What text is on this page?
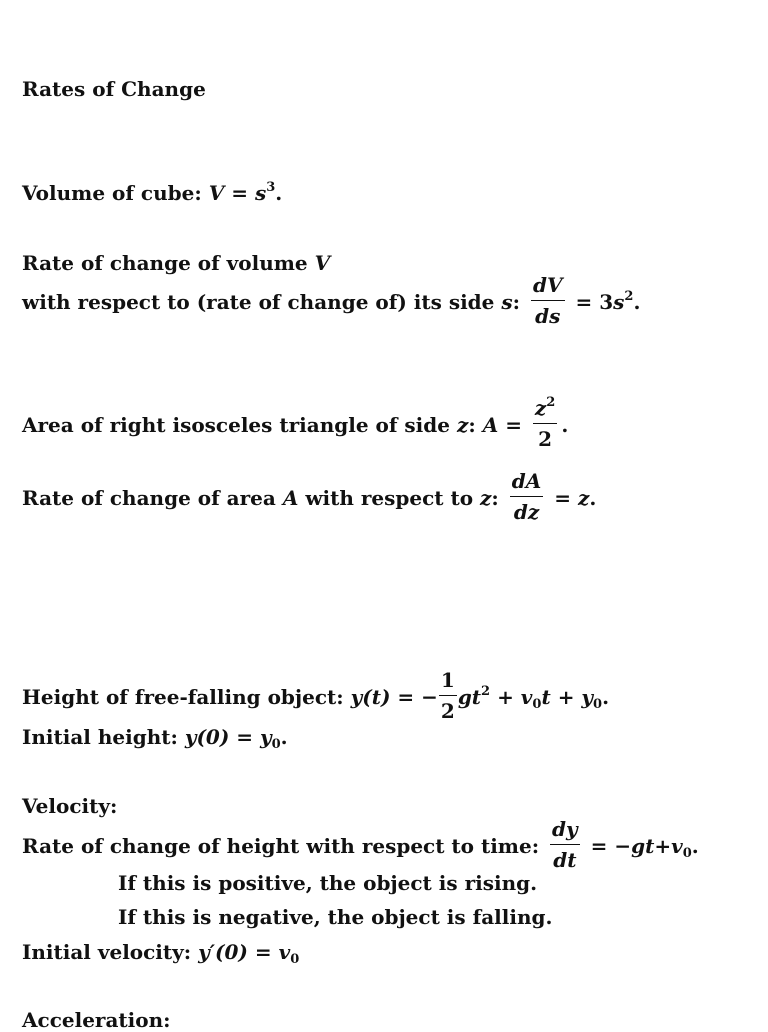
Rates of Change
Volume of cube: $V = s^3$.
Rate of change of volume V
with respect to (rate of change of) its side s: $\frac{dV}{ds} = 3s^2$.
Area of right isosceles triangle of side z: $A = \frac{z^2}{2}$ .
Rate of change of area A with respect to z: $\frac{dA}{dz} = z$.
Height of free-falling object: y(t) = − $\frac{1}{2} gt^2 + v_0t + y_0$.
Initial height: $y(0) = y_0$.
Velocity:
Rate of change of height with respect to time: $\frac{dy}{dt} = -gt+v_0$.
If this is positive, the object is rising.
If this is negative, the object is falling.
Initial velocity: $y'(0) = v_0$
Acceleration:
